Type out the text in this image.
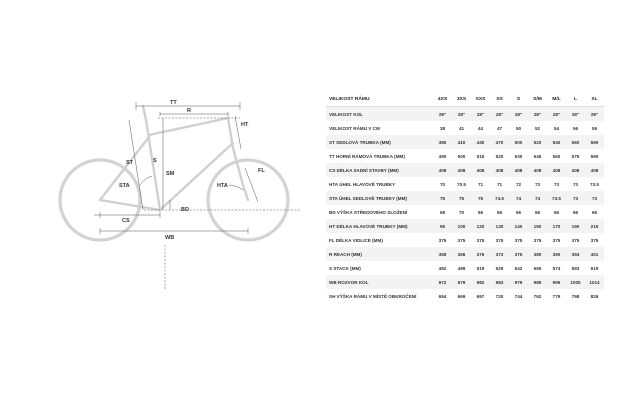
TT
R
HT
ST	S
SM
STA
BD
CS
WB
HTA
FL
VELIKOST RÁMU	4XS	3XS	XXS	XS	S	S/M	M/L	L	XL
VELIKOST KOL	28"	28"	28"	28"	28"	28"	28"	28"	28"
VELIKOST RÁMU V CM	38	41	44	47	50	52	54	56	59
ST SEDLOVÁ TRUBKA (MM)	380	410	440	470	500	520	540	560	590
TT HORNÍ RÁMOVÁ TRUBKA (MM)	490	500	515	520	530	545	560	575	590
CS DÉLKA ZADNÍ STAVBY (MM)	408	408	408	408	408	408	408	408	408
HTA ÚHEL HLAVOVÉ TRUBKY	70	70.5	71	71	72	73	73	73	73.5
STA ÚHEL SEDLOVÉ TRUBKY (MM)	75	75	75	74.5	74	74	73.5	73	73
BD VÝŠKA STŘEDOVÉHO SLOŽENÍ	68	70	66	66	66	66	66	66	66
HT DÉLKA HLAVOVÉ TRUBKY (MM)	95	100	120	130	140	150	170	190	215
FL DÉLKA VIDLICE (MM)	375	375	375	375	375	375	375	375	375
R REACH (MM)	358	366	376	373	375	380	390	394	401
S STACK (MM)	492	499	519	529	542	555	574	593	619
WB ROZVOR KOL	972	979	982	983	979	985	995	1005	1014
SH VÝŠKA RÁMU V MÍSTĚ OBKROČENÍ	654	669	697	720	744	762	779	798	826
